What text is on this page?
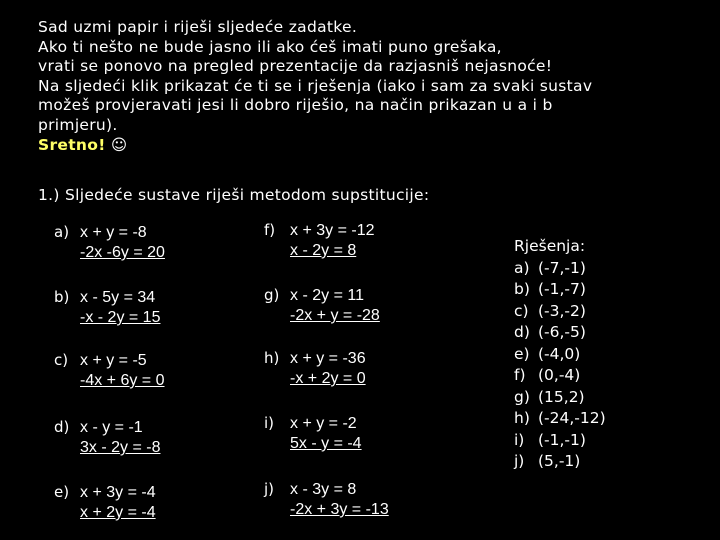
Sad uzmi papir i riješi sljedeće zadatke.
Ako ti nešto ne bude jasno ili ako ćeš imati puno grešaka,
vrati se ponovo na pregled prezentacije da razjasniš nejasnoće!
Na sljedeći klik prikazat će ti se i rješenja (iako i sam za svaki sustav
možeš provjeravati jesi li dobro riješio, na način prikazan u a i b
primjeru).
Sretno! ☺
1.) Sljedeće sustave riješi metodom supstitucije:
a) x + y = -8
-2x -6y = 20
b) x - 5y = 34
-x - 2y = 15
c) x + y = -5
-4x + 6y = 0
d) x - y = -1
3x - 2y = -8
e) x + 3y = -4
x + 2y = -4
f) x + 3y = -12
x - 2y = 8
g) x - 2y = 11
-2x + y = -28
h) x + y = -36
-x + 2y = 0
i) x + y = -2
5x - y = -4
j) x - 3y = 8
-2x + 3y = -13
Rješenja:
a) (-7,-1)
b) (-1,-7)
c) (-3,-2)
d) (-6,-5)
e) (-4,0)
f) (0,-4)
g) (15,2)
h) (-24,-12)
i) (-1,-1)
j) (5,-1)
